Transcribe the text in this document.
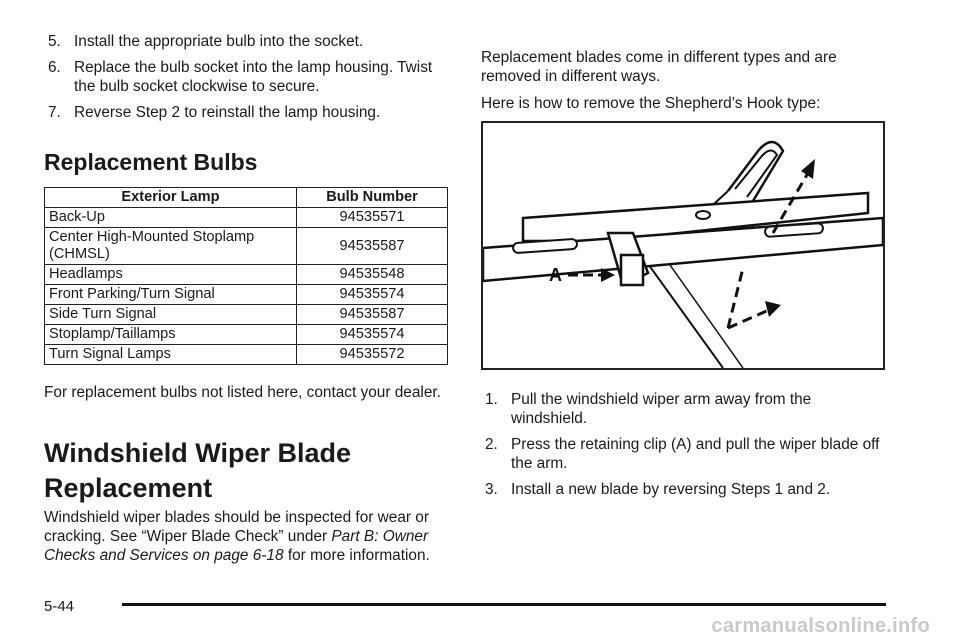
5. Install the appropriate bulb into the socket.
6. Replace the bulb socket into the lamp housing. Twist the bulb socket clockwise to secure.
7. Reverse Step 2 to reinstall the lamp housing.
Replacement Bulbs
Exterior Lamp	Bulb Number
Back-Up	94535571
Center High-Mounted Stoplamp (CHMSL)	94535587
Headlamps	94535548
Front Parking/Turn Signal	94535574
Side Turn Signal	94535587
Stoplamp/Taillamps	94535574
Turn Signal Lamps	94535572

For replacement bulbs not listed here, contact your dealer.

Windshield Wiper Blade
Replacement

Windshield wiper blades should be inspected for wear or cracking. See “Wiper Blade Check” under Part B: Owner Checks and Services on page 6-18 for more information.

Replacement blades come in different types and are removed in different ways.

Here is how to remove the Shepherd’s Hook type:

1. Pull the windshield wiper arm away from the windshield.
2. Press the retaining clip (A) and pull the wiper blade off the arm.
3. Install a new blade by reversing Steps 1 and 2.
A
5-44
carmanualsonline.info
